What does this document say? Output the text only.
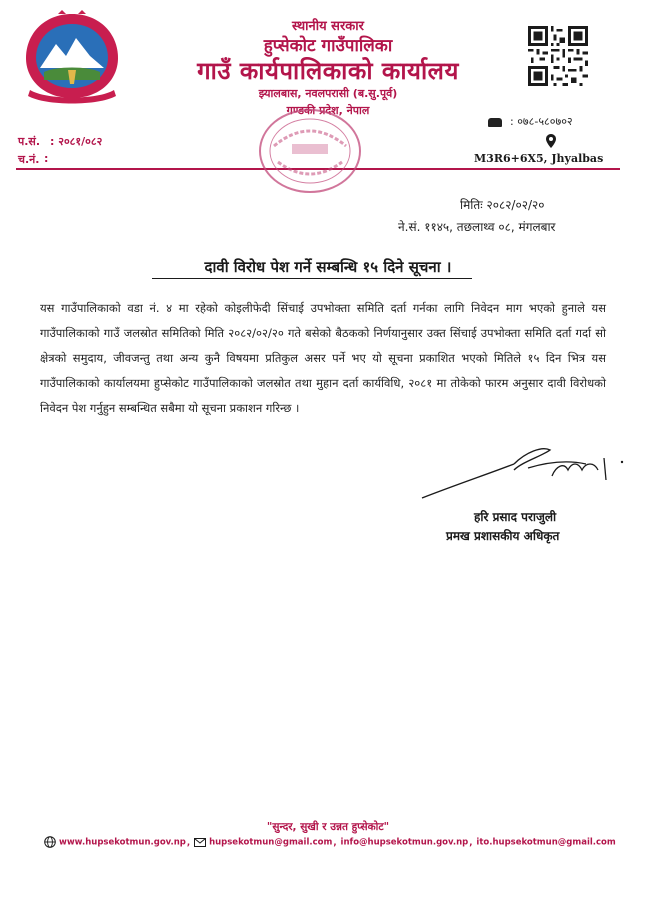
स्थानीय सरकार
हुप्सेकोट गाउँपालिका
गाउँ कार्यपालिकाको कार्यालय
झ्यालबास, नवलपरासी (ब.सु.पूर्व)
गण्डकी प्रदेश, नेपाल
: ०७८-५८०७०२
M3R6+6X5, Jhyalbas
प.सं. : २०८१/०८२
च.नं. :
मितिः २०८२/०२/२०
ने.सं. ११४५, तछलाथ्व ०८, मंगलबार
दावी विरोध पेश गर्ने सम्बन्धि १५ दिने सूचना ।
यस गाउँपालिकाको वडा नं. ४ मा रहेको कोइलीफेदी सिंचाई उपभोक्ता समिति दर्ता गर्नका लागि निवेदन माग भएको हुनाले यस गाउँपालिकाको गाउँ जलस्रोत समितिको मिति २०८२/०२/२० गते बसेको बैठकको निर्णयानुसार उक्त सिंचाई उपभोक्ता समिति दर्ता गर्दा सो क्षेत्रको समुदाय, जीवजन्तु तथा अन्य कुनै विषयमा प्रतिकुल असर पर्ने भए यो सूचना प्रकाशित भएको मितिले १५ दिन भित्र यस गाउँपालिकाको कार्यालयमा हुप्सेकोट गाउँपालिकाको जलस्रोत तथा मुहान दर्ता कार्यविधि, २०८१ मा तोकेको फारम अनुसार दावी विरोधको निवेदन पेश गर्नुहुन सम्बन्धित सबैमा यो सूचना प्रकाशन गरिन्छ ।
हरि प्रसाद पराजुली
प्रमख प्रशासकीय अधिकृत
"सुन्दर, सुखी र उन्नत हुप्सेकोट"
www.hupsekotmun.gov.np, hupsekotmun@gmail.com, info@hupsekotmun.gov.np, ito.hupsekotmun@gmail.com
